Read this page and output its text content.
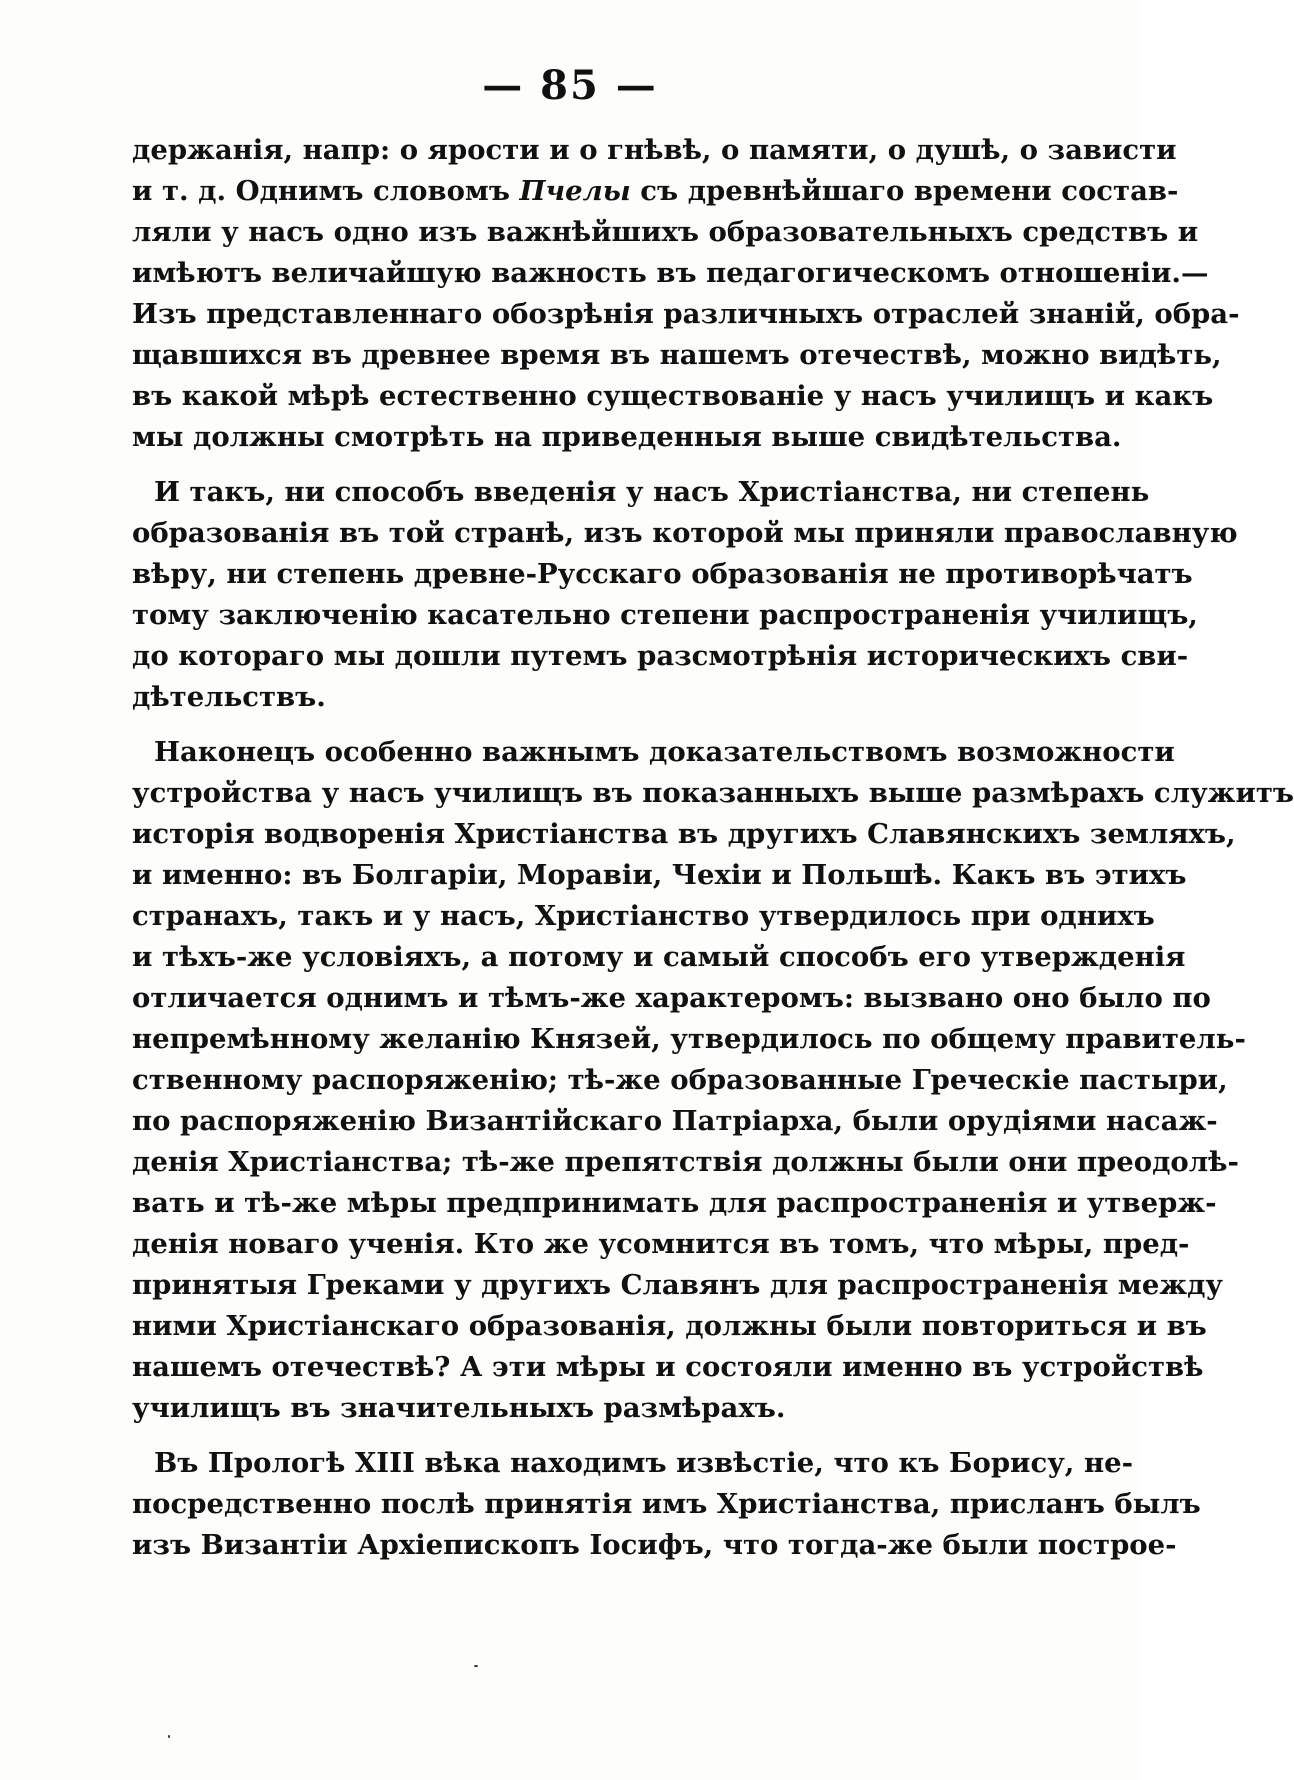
— 85 —
держанія, напр: о ярости и о гнѣвѣ, о памяти, о душѣ, о зависти
и т. д. Однимъ словомъ Пчелы съ древнѣйшаго времени состав-
ляли у насъ одно изъ важнѣйшихъ образовательныхъ средствъ и
имѣютъ величайшую важность въ педагогическомъ отношеніи.—
Изъ представленнаго обозрѣнія различныхъ отраслей знаній, обра-
щавшихся въ древнее время въ нашемъ отечествѣ, можно видѣть,
въ какой мѣрѣ естественно существованіе у насъ училищъ и какъ
мы должны смотрѣть на приведенныя выше свидѣтельства.
И такъ, ни способъ введенія у насъ Христіанства, ни степень
образованія въ той странѣ, изъ которой мы приняли православную
вѣру, ни степень древне-Русскаго образованія не противорѣчатъ
тому заключенію касательно степени распространенія училищъ,
до котораго мы дошли путемъ разсмотрѣнія историческихъ сви-
дѣтельствъ.
Наконецъ особенно важнымъ доказательствомъ возможности
устройства у насъ училищъ въ показанныхъ выше размѣрахъ служитъ
исторія водворенія Христіанства въ другихъ Славянскихъ земляхъ,
и именно: въ Болгаріи, Моравіи, Чехіи и Польшѣ. Какъ въ этихъ
странахъ, такъ и у насъ, Христіанство утвердилось при однихъ
и тѣхъ-же условіяхъ, а потому и самый способъ его утвержденія
отличается однимъ и тѣмъ-же характеромъ: вызвано оно было по
непремѣнному желанію Князей, утвердилось по общему правитель-
ственному распоряженію; тѣ-же образованные Греческіе пастыри,
по распоряженію Византійскаго Патріарха, были орудіями насаж-
денія Христіанства; тѣ-же препятствія должны были они преодолѣ-
вать и тѣ-же мѣры предпринимать для распространенія и утверж-
денія новаго ученія. Кто же усомнится въ томъ, что мѣры, пред-
принятыя Греками у другихъ Славянъ для распространенія между
ними Христіанскаго образованія, должны были повториться и въ
нашемъ отечествѣ? А эти мѣры и состояли именно въ устройствѣ
училищъ въ значительныхъ размѣрахъ.
Въ Прологѣ XIII вѣка находимъ извѣстіе, что къ Борису, не-
посредственно послѣ принятія имъ Христіанства, присланъ былъ
изъ Византіи Архіепископъ Іосифъ, что тогда-же были построе-
